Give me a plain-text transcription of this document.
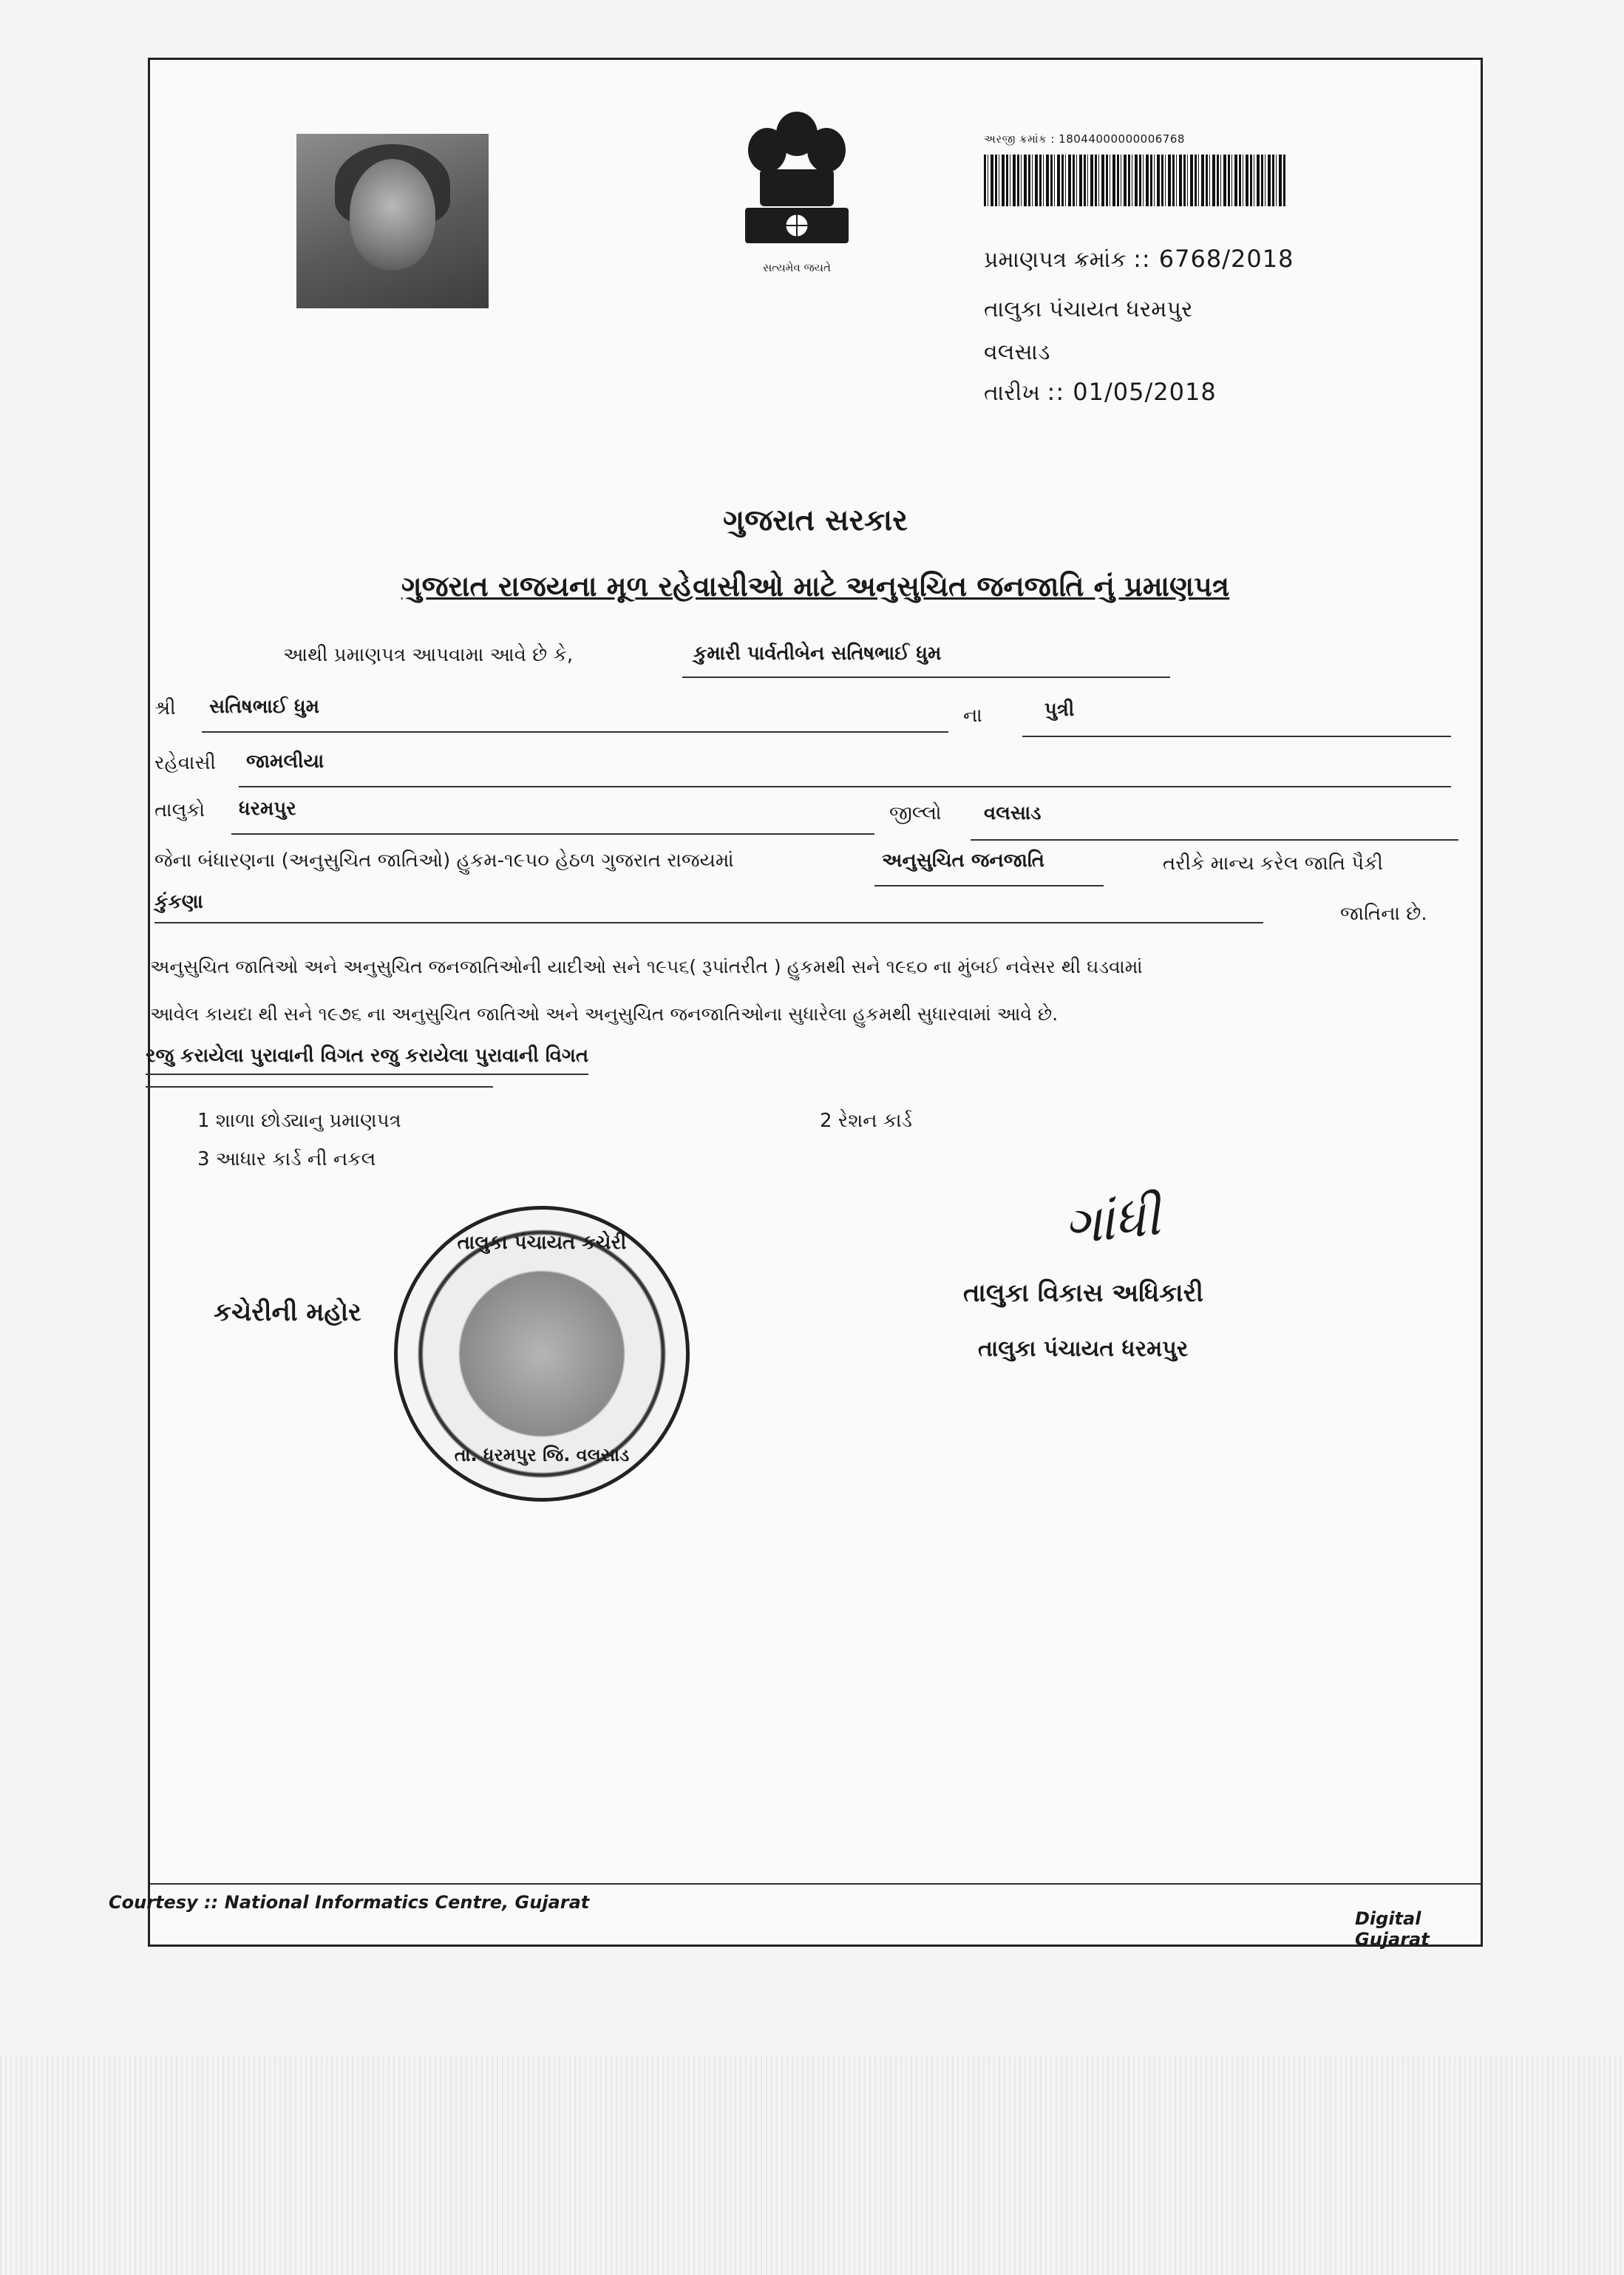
સત્યમેવ જયતે
અરજી ક્રમાંક : 18044000000006768
પ્રમાણપત્ર ક્રમાંક :: 6768/2018
તાલુકા પંચાયત ધરમપુર
વલસાડ
તારીખ :: 01/05/2018
ગુજરાત સરકાર
ગુજરાત રાજયના મૂળ રહેવાસીઓ માટે અનુસુચિત જનજાતિ નું પ્રમાણપત્ર
આથી પ્રમાણપત્ર આપવામા આવે છે કે,	કુમારી પાર્વતીબેન સતિષભાઈ ધુમ
શ્રી સતિષભાઈ ધુમ	ના	પુત્રી
રહેવાસી જામલીયા
તાલુકો ધરમપુર	જીલ્લો વલસાડ
જેના બંધારણના (અનુસુચિત જાતિઓ) હુકમ-૧૯૫૦ હેઠળ ગુજરાત રાજયમાં	અનુસુચિત જનજાતિ	તરીકે માન્ય કરેલ જાતિ પૈકી
કુંકણા
જાતિના છે.
અનુસુચિત જાતિઓ અને અનુસુચિત જનજાતિઓની યાદીઓ સને ૧૯૫૬( રૂપાંતરીત ) હુકમથી સને ૧૯૬૦ ના મુંબઈ નવેસર થી ઘડવામાં
આવેલ કાયદા થી સને ૧૯૭૬ ના અનુસુચિત જાતિઓ અને અનુસુચિત જનજાતિઓના સુધારેલા હુકમથી સુધારવામાં આવે છે.
રજુ કરાયેલા પુરાવાની વિગત રજુ કરાયેલા પુરાવાની વિગત
1 શાળા છોડ્યાનુ પ્રમાણપત્ર	2 રેશન કાર્ડ
3 આધાર કાર્ડ ની નકલ
કચેરીની મહોર
તાલુકા પંચાયત કચેરી
તા. ધરમપુર જિ. વલસાડ
ગાંધી
તાલુકા વિકાસ અધિકારી
તાલુકા પંચાયત ધરમપુર
Courtesy :: National Informatics Centre, Gujarat
Digital Gujarat
